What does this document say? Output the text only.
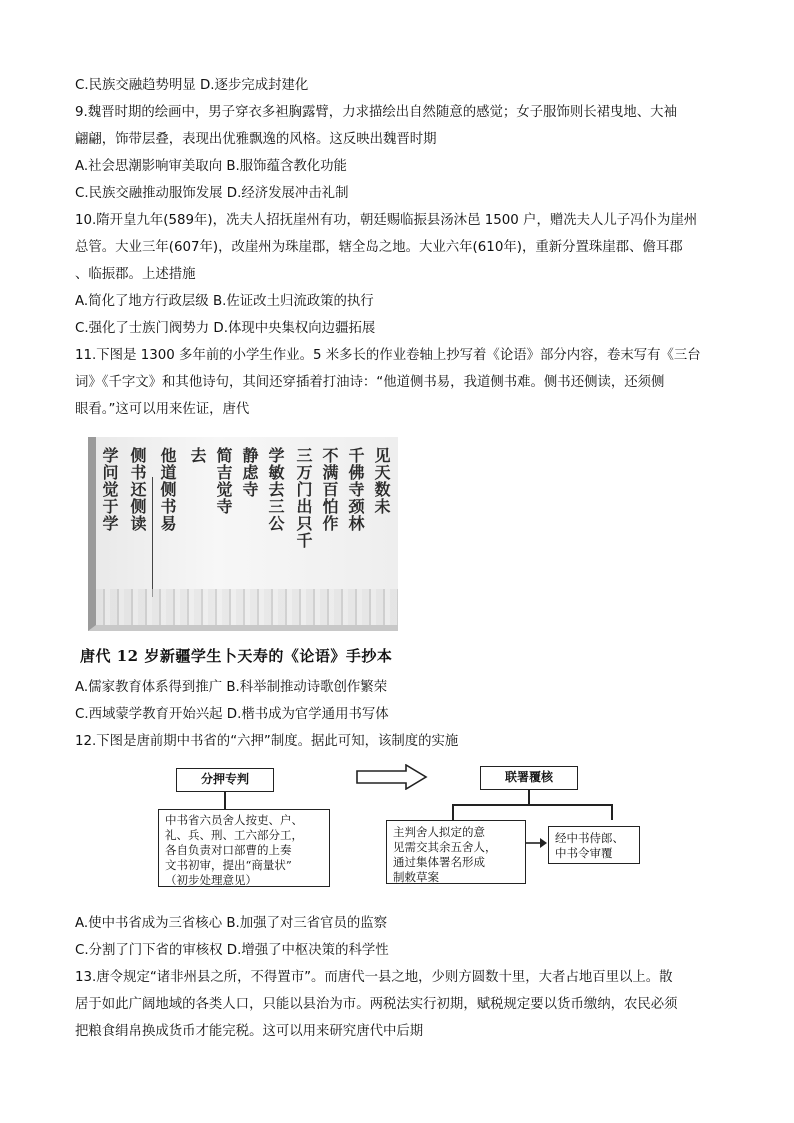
C.民族交融趋势明显 D.逐步完成封建化
9.魏晋时期的绘画中，男子穿衣多袒胸露臂，力求描绘出自然随意的感觉；女子服饰则长裙曳地、大袖
翩翩，饰带层叠，表现出优雅飘逸的风格。这反映出魏晋时期
A.社会思潮影响审美取向 B.服饰蕴含教化功能
C.民族交融推动服饰发展 D.经济发展冲击礼制
10.隋开皇九年(589年)，冼夫人招抚崖州有功，朝廷赐临振县汤沐邑 1500 户，赠冼夫人儿子冯仆为崖州
总管。大业三年(607年)，改崖州为珠崖郡，辖全岛之地。大业六年(610年)，重新分置珠崖郡、儋耳郡
、临振郡。上述措施
A.简化了地方行政层级 B.佐证改土归流政策的执行
C.强化了士族门阀势力 D.体现中央集权向边疆拓展
11.下图是 1300 多年前的小学生作业。5 米多长的作业卷轴上抄写着《论语》部分内容，卷末写有《三台
词》《千字文》和其他诗句，其间还穿插着打油诗：“他道侧书易，我道侧书难。侧书还侧读，还须侧
眼看。”这可以用来佐证，唐代
学问觉于学 侧书还侧读 他道侧书易 去 简吉觉寺 静虑寺 学敏去三公 三万门出只千 不满百怕作 千佛寺颈林 见天数未
唐代 12 岁新疆学生卜天寿的《论语》手抄本
A.儒家教育体系得到推广 B.科举制推动诗歌创作繁荣
C.西域蒙学教育开始兴起 D.楷书成为官学通用书写体
12.下图是唐前期中书省的“六押”制度。据此可知，该制度的实施
分押专判
中书省六员舍人按吏、户、
礼、兵、刑、工六部分工，
各自负责对口部曹的上奏
文书初审，提出“商量状”
（初步处理意见）
联署覆核
主判舍人拟定的意
见需交其余五舍人，
通过集体署名形成
制敕草案
经中书侍郎、
中书令审覆
A.使中书省成为三省核心 B.加强了对三省官员的监察
C.分割了门下省的审核权 D.增强了中枢决策的科学性
13.唐令规定“诸非州县之所，不得置市”。而唐代一县之地，少则方圆数十里，大者占地百里以上。散
居于如此广阔地域的各类人口，只能以县治为市。两税法实行初期，赋税规定要以货币缴纳，农民必须
把粮食绢帛换成货币才能完税。这可以用来研究唐代中后期
